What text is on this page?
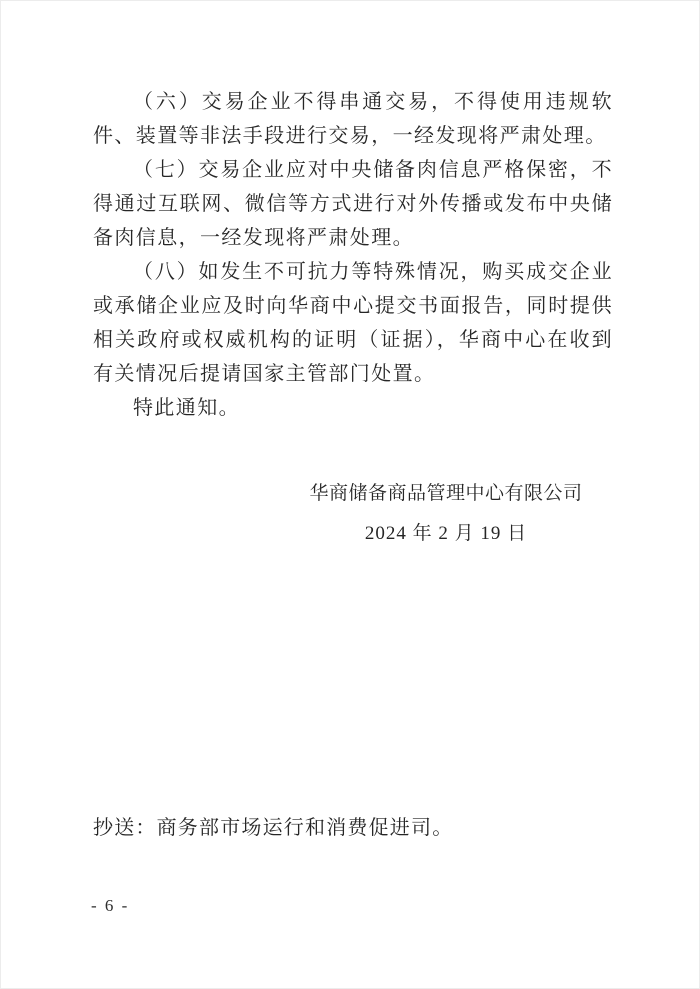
（六）交易企业不得串通交易，不得使用违规软件、装置等非法手段进行交易，一经发现将严肃处理。

（七）交易企业应对中央储备肉信息严格保密，不得通过互联网、微信等方式进行对外传播或发布中央储备肉信息，一经发现将严肃处理。

（八）如发生不可抗力等特殊情况，购买成交企业或承储企业应及时向华商中心提交书面报告，同时提供相关政府或权威机构的证明（证据），华商中心在收到有关情况后提请国家主管部门处置。

特此通知。

华商储备商品管理中心有限公司
2024 年 2 月 19 日
抄送：商务部市场运行和消费促进司。
- 6 -
